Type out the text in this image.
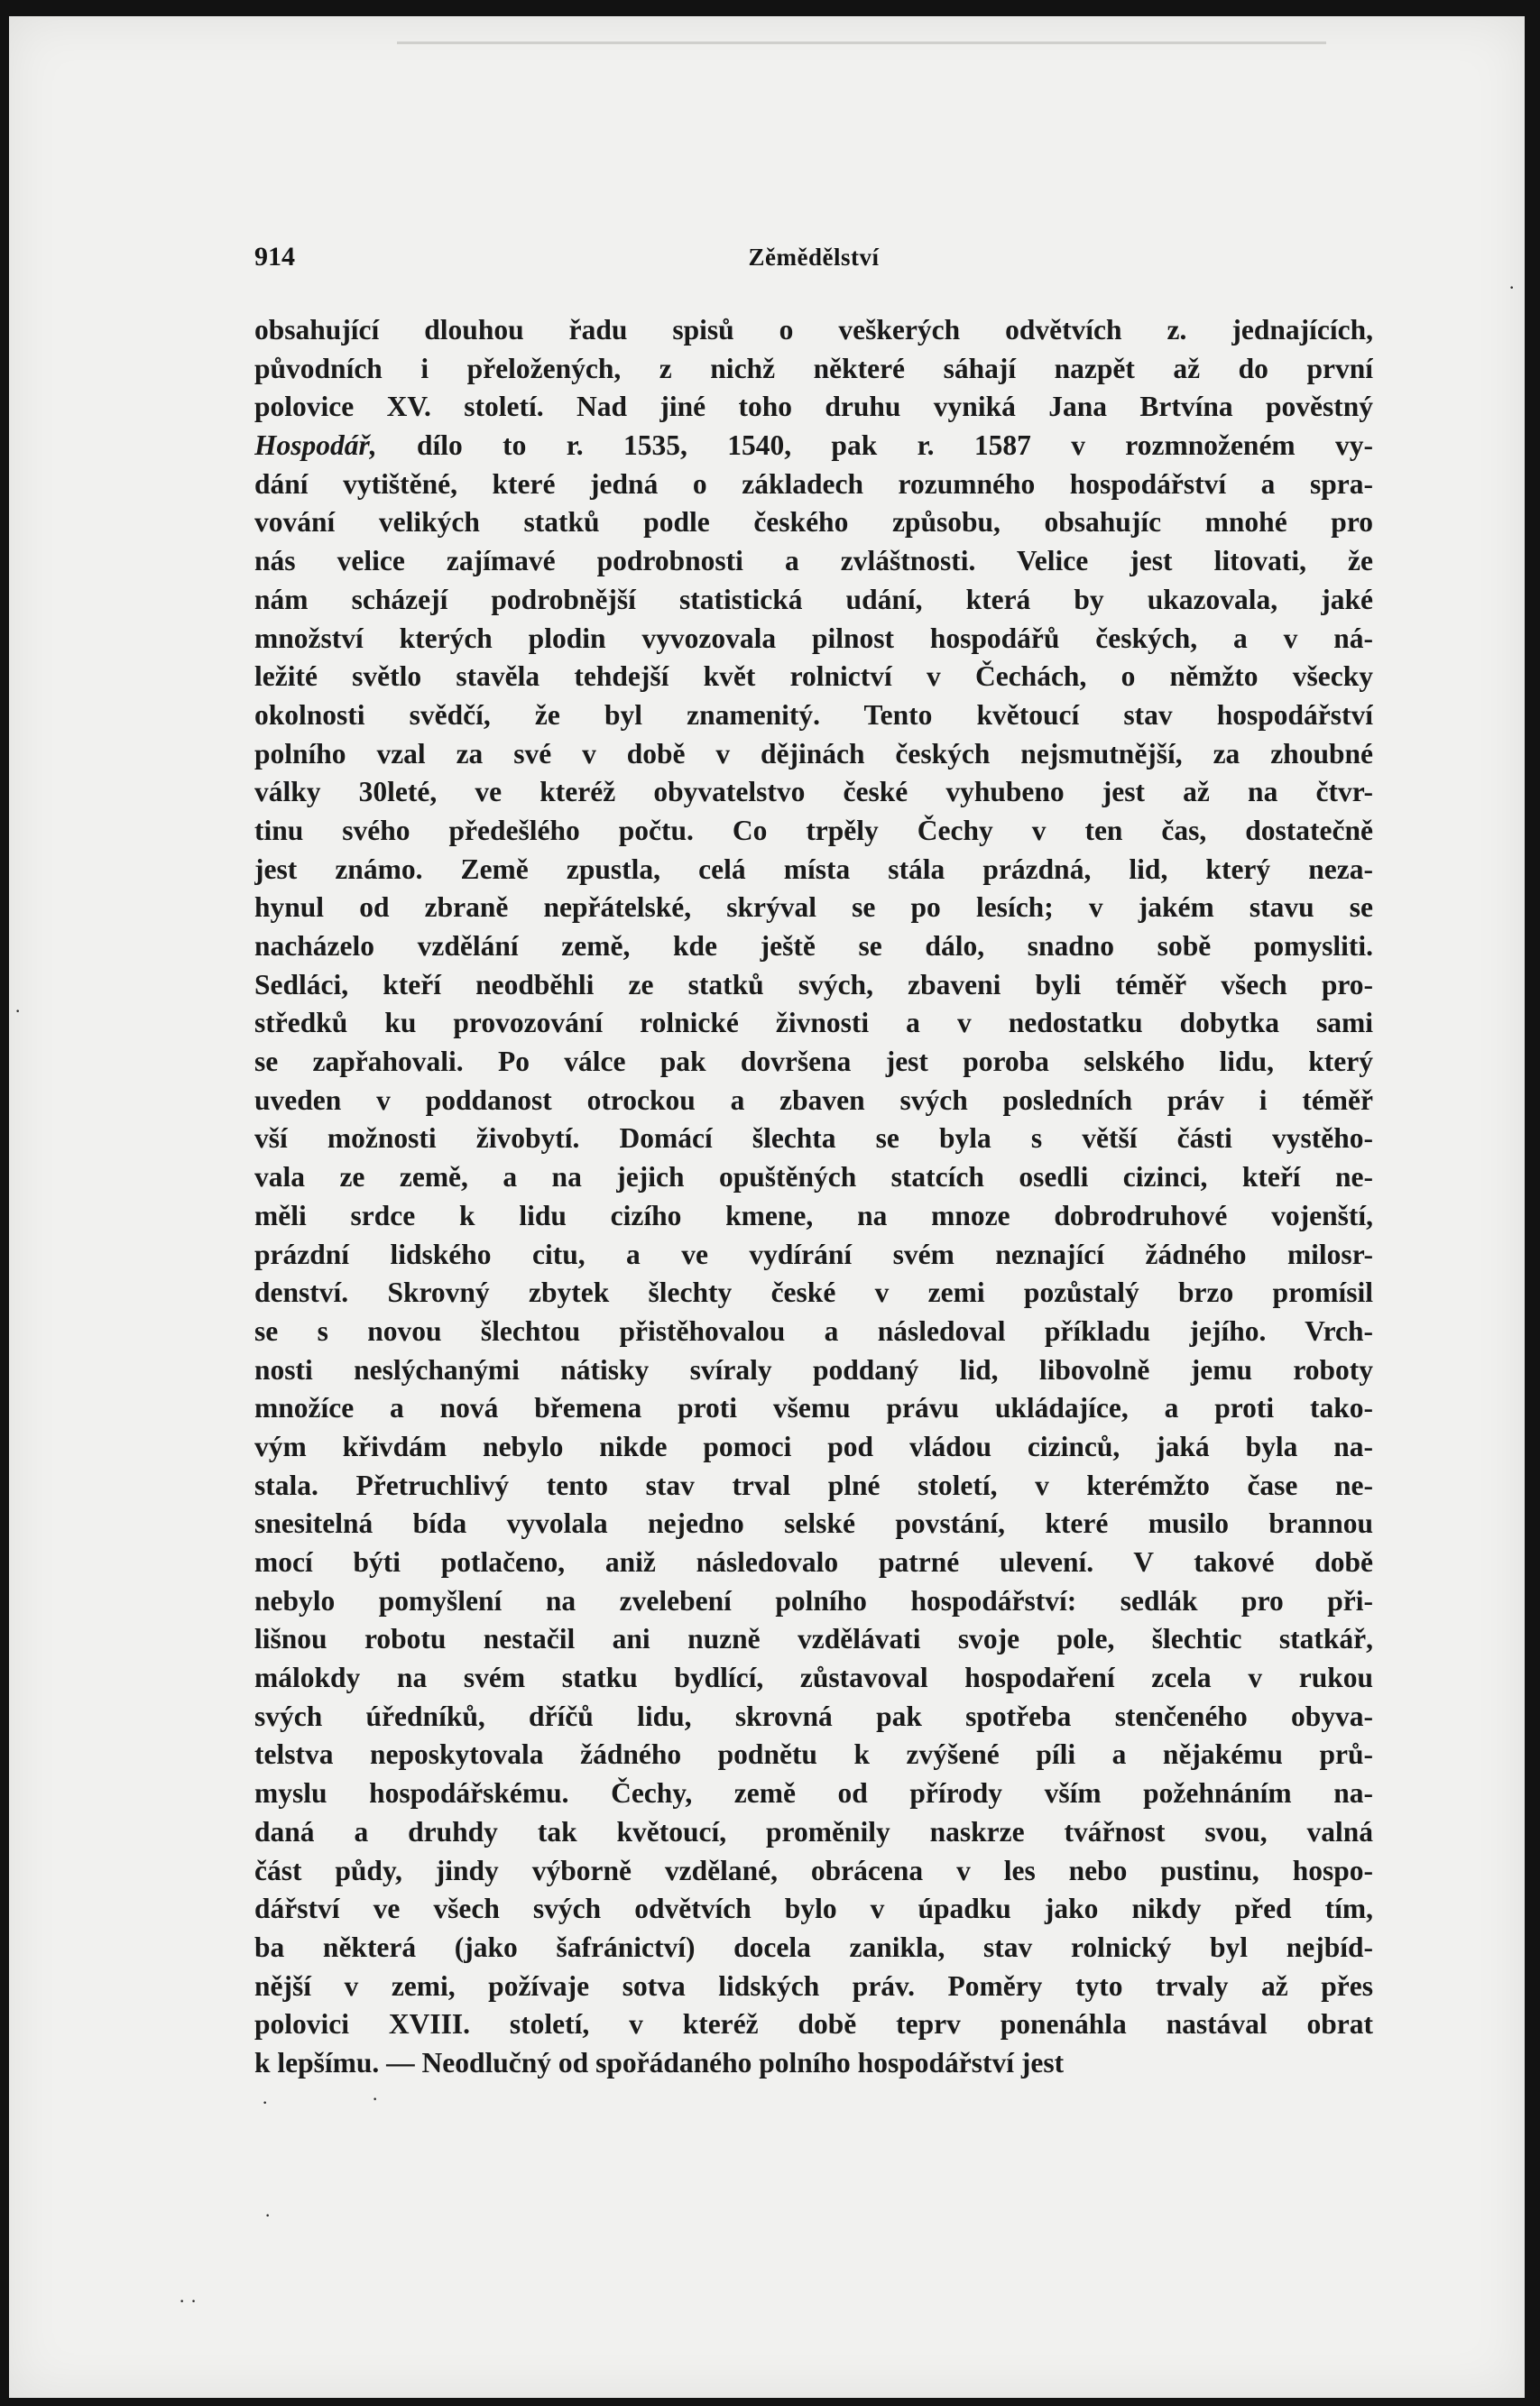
914	Zěmědělství
obsahující dlouhou řadu spisů o veškerých odvětvích z. jednajících,
původních i přeložených, z nichž některé sáhají nazpět až do první
polovice XV. století. Nad jiné toho druhu vyniká Jana Brtvína pověstný
Hospodář, dílo to r. 1535, 1540, pak r. 1587 v rozmnoženém vy-
dání vytištěné, které jedná o základech rozumného hospodářství a spra-
vování velikých statků podle českého způsobu, obsahujíc mnohé pro
nás velice zajímavé podrobnosti a zvláštnosti. Velice jest litovati, že
nám scházejí podrobnější statistická udání, která by ukazovala, jaké
množství kterých plodin vyvozovala pilnost hospodářů českých, a v ná-
ležité světlo stavěla tehdejší květ rolnictví v Čechách, o němžto všecky
okolnosti svědčí, že byl znamenitý. Tento květoucí stav hospodářství
polního vzal za své v době v dějinách českých nejsmutnější, za zhoubné
války 30leté, ve kteréž obyvatelstvo české vyhubeno jest až na čtvr-
tinu svého předešlého počtu. Co trpěly Čechy v ten čas, dostatečně
jest známo. Země zpustla, celá místa stála prázdná, lid, který neza-
hynul od zbraně nepřátelské, skrýval se po lesích; v jakém stavu se
nacházelo vzdělání země, kde ještě se dálo, snadno sobě pomysliti.
Sedláci, kteří neodběhli ze statků svých, zbaveni byli téměř všech pro-
středků ku provozování rolnické živnosti a v nedostatku dobytka sami
se zapřahovali. Po válce pak dovršena jest poroba selského lidu, který
uveden v poddanost otrockou a zbaven svých posledních práv i téměř
vší možnosti živobytí. Domácí šlechta se byla s větší části vystěho-
vala ze země, a na jejich opuštěných statcích osedli cizinci, kteří ne-
měli srdce k lidu cizího kmene, na mnoze dobrodruhové vojenští,
prázdní lidského citu, a ve vydírání svém neznající žádného milosr-
denství. Skrovný zbytek šlechty české v zemi pozůstalý brzo promísil
se s novou šlechtou přistěhovalou a následoval příkladu jejího. Vrch-
nosti neslýchanými nátisky svíraly poddaný lid, libovolně jemu roboty
množíce a nová břemena proti všemu právu ukládajíce, a proti tako-
vým křivdám nebylo nikde pomoci pod vládou cizinců, jaká byla na-
stala. Přetruchlivý tento stav trval plné století, v kterémžto čase ne-
snesitelná bída vyvolala nejedno selské povstání, které musilo brannou
mocí býti potlačeno, aniž následovalo patrné ulevení. V takové době
nebylo pomyšlení na zvelebení polního hospodářství: sedlák pro při-
lišnou robotu nestačil ani nuzně vzdělávati svoje pole, šlechtic statkář,
málokdy na svém statku bydlící, zůstavoval hospodaření zcela v rukou
svých úředníků, dříčů lidu, skrovná pak spotřeba stenčeného obyva-
telstva neposkytovala žádného podnětu k zvýšené píli a nějakému prů-
myslu hospodářskému. Čechy, země od přírody vším požehnáním na-
daná a druhdy tak květoucí, proměnily naskrze tvářnost svou, valná
část půdy, jindy výborně vzdělané, obrácena v les nebo pustinu, hospo-
dářství ve všech svých odvětvích bylo v úpadku jako nikdy před tím,
ba některá (jako šafránictví) docela zanikla, stav rolnický byl nejbíd-
nější v zemi, požívaje sotva lidských práv. Poměry tyto trvaly až přes
polovici XVIII. století, v kteréž době teprv ponenáhla nastával obrat
k lepšímu. — Neodlučný od spořádaného polního hospodářství jest
·
·
·	·
·
· ·
